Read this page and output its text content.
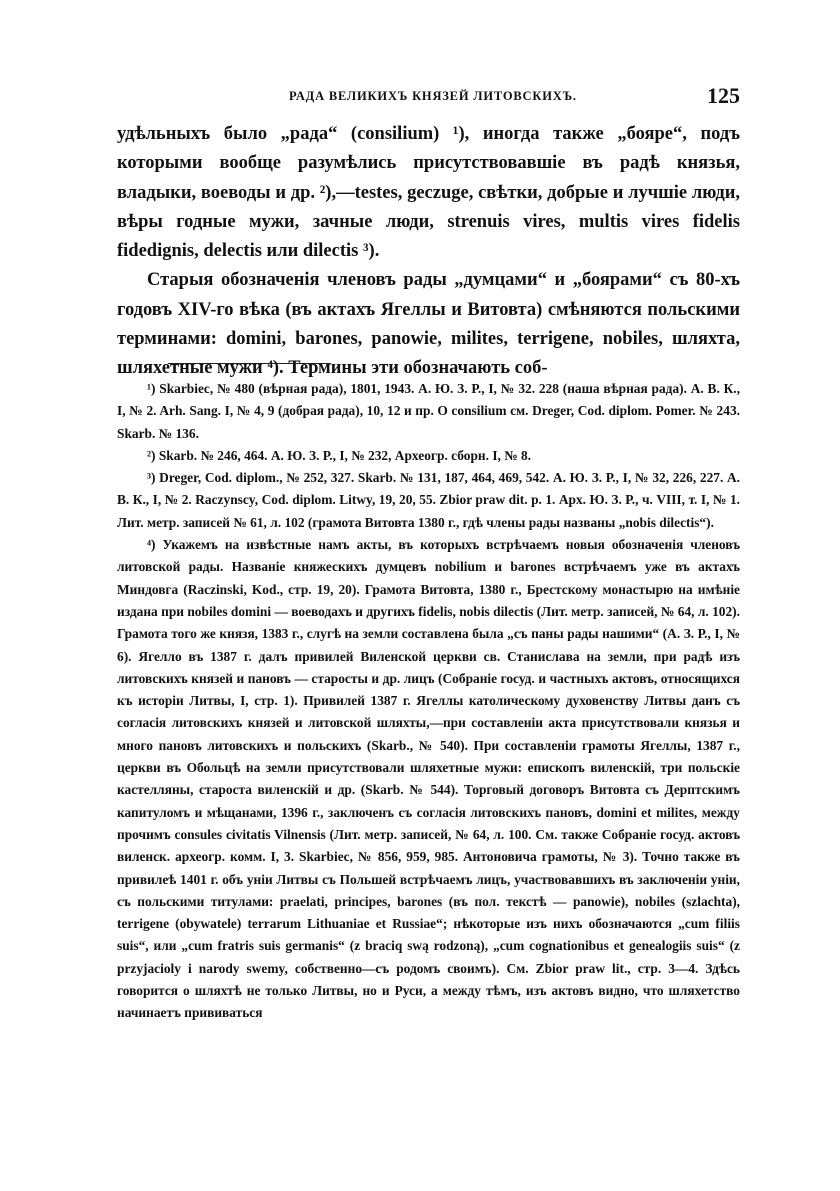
РАДА ВЕЛИКИХЪ КНЯЗЕЙ ЛИТОВСКИХЪ.	125

удѣльныхъ было „рада“ (consilium) ¹), иногда также „бояре“, подъ которыми вообще разумѣлись присутствовавшіе въ радѣ князья, владыки, воеводы и др. ²),—testes, geczuge, свѣтки, добрые и лучшіе люди, вѣры годные мужи, зачные люди, strenuis vires, multis vires fidelis fidedignis, delectis или dilectis ³).

Старыя обозначенія членовъ рады „думцами“ и „боярами“ съ 80-хъ годовъ XIV-го вѣка (въ актахъ Ягеллы и Витовта) смѣняются польскими терминами: domini, barones, panowie, milites, terrigene, nobiles, шляхта, шляхетные мужи ⁴). Термины эти обозначають соб-

¹) Skarbiec, № 480 (вѣрная рада), 1801, 1943. А. Ю. З. Р., I, № 32. 228 (наша вѣрная рада). А. В. К., I, № 2. Arh. Sang. I, № 4, 9 (добрая рада), 10, 12 и пр. О consilium см. Dreger, Cod. diplom. Pomer. № 243. Skarb. № 136.

²) Skarb. № 246, 464. А. Ю. З. Р., I, № 232, Археогр. сборн. I, № 8.

³) Dreger, Cod. diplom., № 252, 327. Skarb. № 131, 187, 464, 469, 542. А. Ю. З. Р., I, № 32, 226, 227. А. В. К., I, № 2. Raczynscy, Cod. diplom. Litwy, 19, 20, 55. Zbior praw dit. p. 1. Арх. Ю. З. Р., ч. VIII, т. I, № 1. Лит. метр. записей № 61, л. 102 (грамота Витовта 1380 г., гдѣ члены рады названы „nobis dilectis“).

⁴) Укажемъ на извѣстные намъ акты, въ которыхъ встрѣчаемъ новыя обозначенія членовъ литовской рады. Названіе княжескихъ думцевъ nobilium и barones встрѣчаемъ уже въ актахъ Миндовга (Raczinski, Kod., стр. 19, 20). Грамота Витовта, 1380 г., Брестскому монастырю на имѣніе издана при nobiles domini — воеводахъ и другихъ fidelis, nobis dilectis (Лит. метр. записей, № 64, л. 102). Грамота того же князя, 1383 г., слугѣ на земли составлена была „съ паны рады нашими“ (А. З. Р., I, № 6). Ягелло въ 1387 г. далъ привилей Виленской церкви св. Станислава на земли, при радѣ изъ литовскихъ князей и пановъ — старосты и др. лицъ (Собраніе госуд. и частныхъ актовъ, относящихся къ исторіи Литвы, I, стр. 1). Привилей 1387 г. Ягеллы католическому духовенству Литвы данъ съ согласія литовскихъ князей и литовской шляхты,—при составленіи акта присутствовали князья и много пановъ литовскихъ и польскихъ (Skarb., № 540). При составленіи грамоты Ягеллы, 1387 г., церкви въ Обольцѣ на земли присутствовали шляхетные мужи: епископъ виленскій, три польскіе кастелляны, староста виленскій и др. (Skarb. № 544). Торговый договоръ Витовта съ Дерптскимъ капитуломъ и мѣщанами, 1396 г., заключенъ съ согласія литовскихъ пановъ, domini et milites, между прочимъ consules civitatis Vilnensis (Лит. метр. записей, № 64, л. 100. См. также Собраніе госуд. актовъ виленск. археогр. комм. I, 3. Skarbiec, № 856, 959, 985. Антоновича грамоты, № 3). Точно также въ привилеѣ 1401 г. объ уніи Литвы съ Польшей встрѣчаемъ лицъ, участвовавшихъ въ заключеніи уніи, съ польскими титулами: praelati, principes, barones (въ пол. текстѣ — panowie), nobiles (szlachta), terrigene (obywatele) terrarum Lithuaniae et Russiae“; нѣкоторые изъ нихъ обозначаются „cum filiis suis“, или „cum fratris suis germanis“ (z braciq swą rodzoną), „cum cognationibus et genealogiis suis“ (z przyjacioly i narody swemy, собственно—съ родомъ своимъ). См. Zbior praw lit., стр. 3—4. Здѣсь говорится о шляхтѣ не только Литвы, но и Руси, а между тѣмъ, изъ актовъ видно, что шляхетство начинаетъ прививаться
